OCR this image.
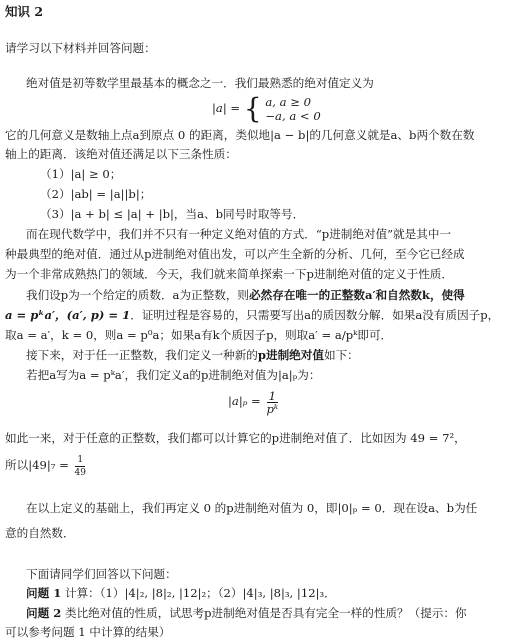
知识 2
请学习以下材料并回答问题：
绝对值是初等数学里最基本的概念之一．我们最熟悉的绝对值定义为
|a| = { a, a ≥ 0
−a, a < 0
它的几何意义是数轴上点a到原点 0 的距离，类似地|a − b|的几何意义就是a、b两个数在数
轴上的距离．该绝对值还满足以下三条性质：
（1）|a| ≥ 0；
（2）|ab| = |a||b|；
（3）|a + b| ≤ |a| + |b|，当a、b同号时取等号．
而在现代数学中，我们并不只有一种定义绝对值的方式．“p进制绝对值”就是其中一
种最典型的绝对值．通过从p进制绝对值出发，可以产生全新的分析、几何，至今它已经成
为一个非常成熟热门的领域．今天，我们就来简单探索一下p进制绝对值的定义于性质．
我们设p为一个给定的质数．a为正整数，则必然存在唯一的正整数a′和自然数k，使得
a = pᵏa′，(a′, p) = 1．证明过程是容易的，只需要写出a的质因数分解．如果a没有质因子p，
取a = a′，k = 0，则a = p⁰a；如果a有k个质因子p，则取a′ = a/pᵏ即可．
接下来，对于任一正整数，我们定义一种新的p进制绝对值如下：
若把a写为a = pᵏa′，我们定义a的p进制绝对值为|a|ₚ为：
$|a|_p = \frac{1}{\text{pᵏ}}$
如此一来，对于任意的正整数，我们都可以计算它的p进制绝对值了．比如因为 49 = 7²，
所以$|49|_7 = \frac{1}{49}$
在以上定义的基础上，我们再定义 0 的p进制绝对值为 0，即|0|ₚ = 0．现在设a、b为任
意的自然数．
下面请同学们回答以下问题：
问题 1 计算：（1）|4|₂, |8|₂, |12|₂；（2）|4|₃, |8|₃, |12|₃．
问题 2 类比绝对值的性质，试思考p进制绝对值是否具有完全一样的性质？（提示：你
可以参考问题 1 中计算的结果）
